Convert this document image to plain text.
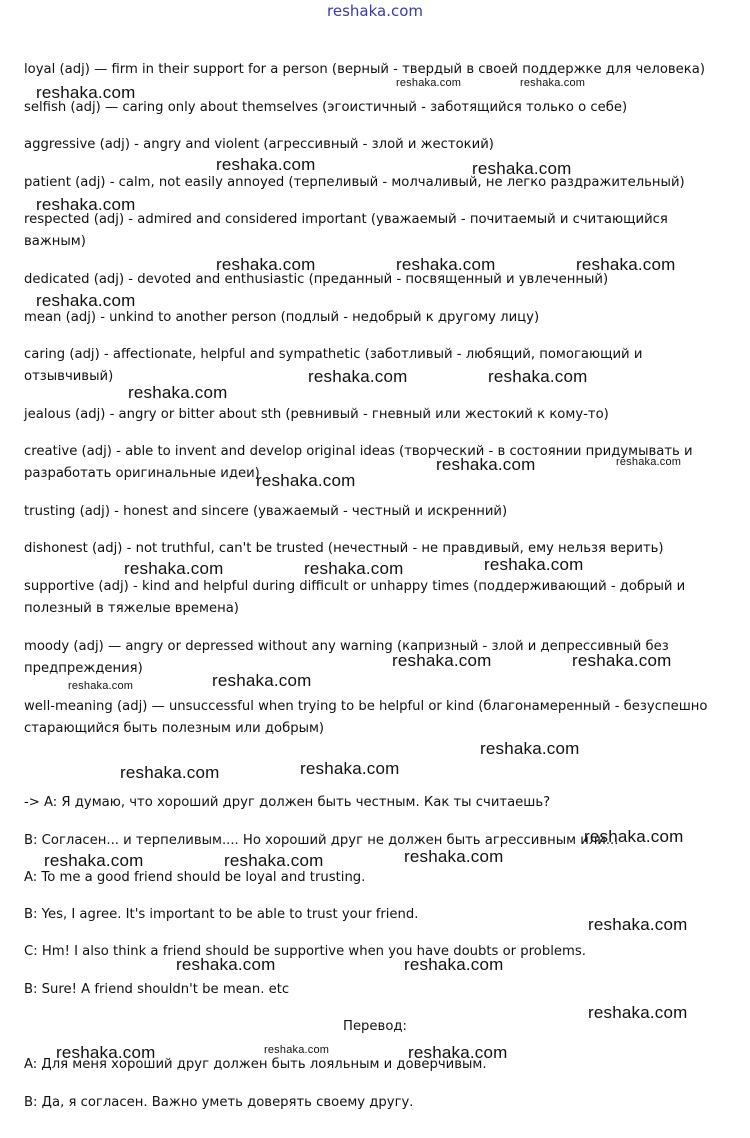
reshaka.com
loyal (adj) — firm in their support for a person (верный - твердый в своей поддержке для человека)
selfish (adj) — caring only about themselves (эгоистичный - заботящийся только о себе)
aggressive (adj) - angry and violent (агрессивный - злой и жестокий)
patient (adj) - calm, not easily annoyed (терпеливый - молчаливый, не легко раздражительный)
respected (adj) - admired and considered important (уважаемый - почитаемый и считающийся
важным)
dedicated (adj) - devoted and enthusiastic (преданный - посвященный и увлеченный)
mean (adj) - unkind to another person (подлый - недобрый к другому лицу)
caring (adj) - affectionate, helpful and sympathetic (заботливый - любящий, помогающий и
отзывчивый)
jealous (adj) - angry or bitter about sth (ревнивый - гневный или жестокий к кому-то)
creative (adj) - able to invent and develop original ideas (творческий - в состоянии придумывать и
разработать оригинальные идеи)
trusting (adj) - honest and sincere (уважаемый - честный и искренний)
dishonest (adj) - not truthful, can't be trusted (нечестный - не правдивый, ему нельзя верить)
supportive (adj) - kind and helpful during difficult or unhappy times (поддерживающий - добрый и
полезный в тяжелые времена)
moody (adj) — angry or depressed without any warning (капризный - злой и депрессивный без
предпреждения)
well-meaning (adj) — unsuccessful when trying to be helpful or kind (благонамеренный - безуспешно
старающийся быть полезным или добрым)
-> A: Я думаю, что хороший друг должен быть честным. Как ты считаешь?
B: Согласен... и терпеливым.... Но хороший друг не должен быть агрессивным или...
A: To me a good friend should be loyal and trusting.
B: Yes, I agree. It's important to be able to trust your friend.
C: Hm! I also think a friend should be supportive when you have doubts or problems.
B: Sure! A friend shouldn't be mean. etc
Перевод:
A: Для меня хороший друг должен быть лояльным и доверчивым.
B: Да, я согласен. Важно уметь доверять своему другу.
reshaka.com	reshaka.com	reshaka.com
reshaka.com	reshaka.com
reshaka.com
reshaka.com	reshaka.com	reshaka.com
reshaka.com
reshaka.com	reshaka.com
reshaka.com
reshaka.com	reshaka.com
reshaka.com
reshaka.com	reshaka.com	reshaka.com
reshaka.com	reshaka.com
reshaka.com	reshaka.com
reshaka.com
reshaka.com
reshaka.com
reshaka.com
reshaka.com
reshaka.com	reshaka.com
reshaka.com
reshaka.com	reshaka.com
reshaka.com
reshaka.com	reshaka.com	reshaka.com
